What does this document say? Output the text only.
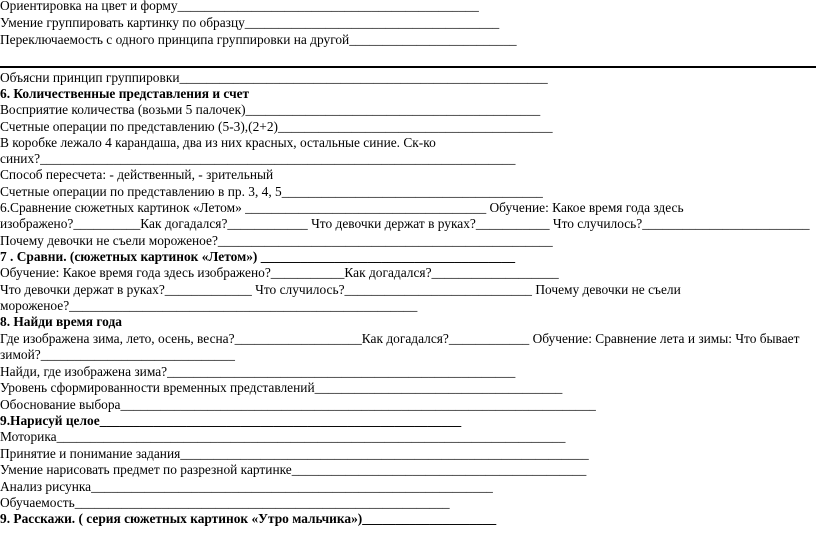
Ориентировка на цвет и форму_____________________________________________
Умение группировать картинку по образцу______________________________________
Переключаемость с одного принципа группировки на другой_________________________
Объясни принцип группировки_______________________________________________________
6. Количественные представления и счет
Восприятие количества (возьми 5 палочек)____________________________________________
Счетные операции по представлению (5-3),(2+2)_________________________________________
В коробке лежало 4 карандаша, два из них красных, остальные синие. Ск-ко
синих?_______________________________________________________________________
Способ пересчета: - действенный, - зрительный
Счетные операции по представлению в пр. 3, 4, 5_______________________________________
6.Сравнение сюжетных картинок «Летом» ____________________________________ Обучение: Какое время года здесь
изображено?__________Как догадался?____________ Что девочки держат в руках?___________ Что случилось?_________________________
Почему девочки не съели мороженое?__________________________________________________
7 . Сравни. (сюжетных картинок «Летом») ______________________________________
Обучение: Какое время года здесь изображено?___________Как догадался?___________________
Что девочки держат в руках?_____________ Что случилось?____________________________ Почему девочки не съели
мороженое?____________________________________________________
8. Найди время года
Где изображена зима, лето, осень, весна?___________________Как догадался?____________ Обучение: Сравнение лета и зимы: Что бывает
зимой?_____________________________
Найди, где изображена зима?____________________________________________________
Уровень сформированности временных представлений_____________________________________
Обоснование выбора_______________________________________________________________________
9.Нарисуй целое______________________________________________________
Моторика____________________________________________________________________________
Принятие и понимание задания_____________________________________________________________
Умение нарисовать предмет по разрезной картинке____________________________________________
Анализ рисунка____________________________________________________________
Обучаемость________________________________________________________
9. Расскажи. ( серия сюжетных картинок «Утро мальчика»)____________________
